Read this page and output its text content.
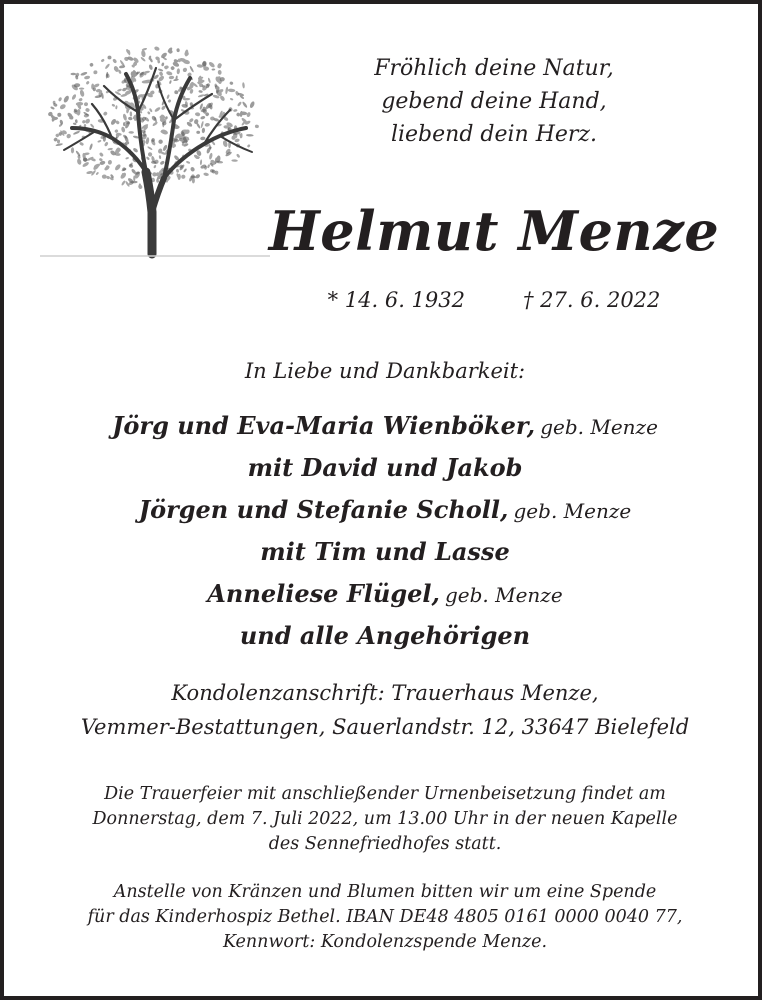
Fröhlich deine Natur,
gebend deine Hand,
liebend dein Herz.
Helmut Menze
* 14. 6. 1932	† 27. 6. 2022
In Liebe und Dankbarkeit:
Jörg und Eva-Maria Wienböker, geb. Menze
mit David und Jakob
Jörgen und Stefanie Scholl, geb. Menze
mit Tim und Lasse
Anneliese Flügel, geb. Menze
und alle Angehörigen
Kondolenzanschrift: Trauerhaus Menze,
Vemmer-Bestattungen, Sauerlandstr. 12, 33647 Bielefeld
Die Trauerfeier mit anschließender Urnenbeisetzung findet am
Donnerstag, dem 7. Juli 2022, um 13.00 Uhr in der neuen Kapelle
des Sennefriedhofes statt.
Anstelle von Kränzen und Blumen bitten wir um eine Spende
für das Kinderhospiz Bethel. IBAN DE48 4805 0161 0000 0040 77,
Kennwort: Kondolenzspende Menze.
